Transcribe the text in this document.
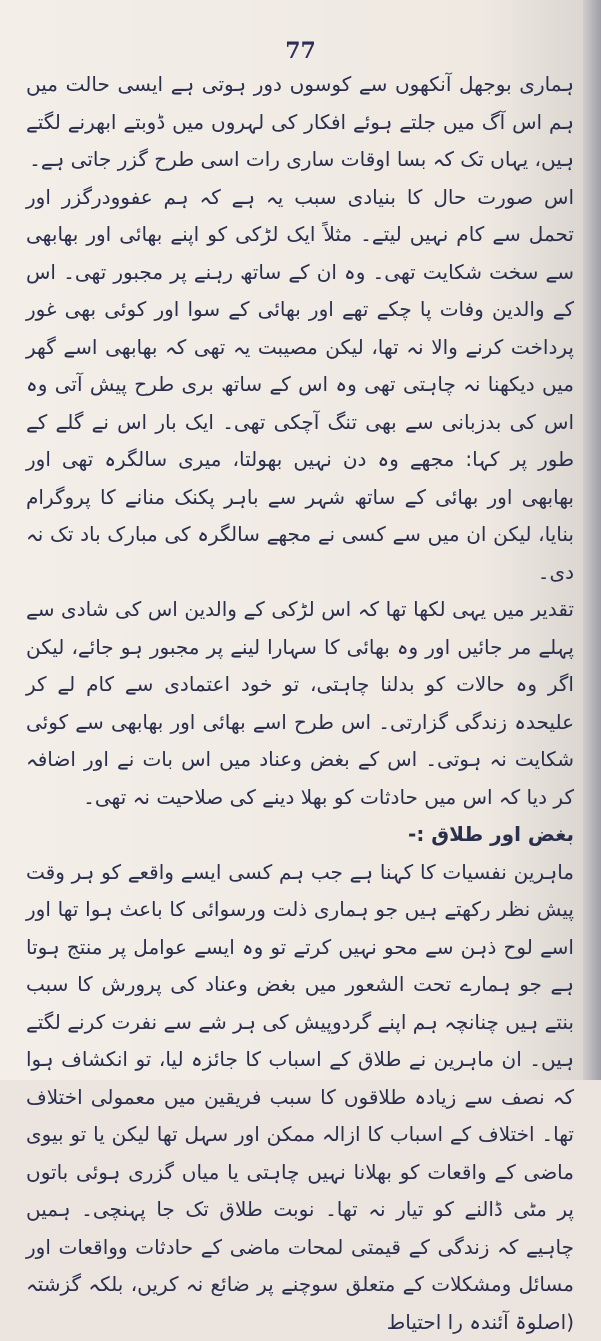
77

ہماری بوجھل آنکھوں سے کوسوں دور ہوتی ہے ایسی حالت میں ہم اس آگ میں جلتے ہوئے افکار کی لہروں میں ڈوبتے ابھرنے لگتے ہیں، یہاں تک کہ بسا اوقات ساری رات اسی طرح گزر جاتی ہے۔

اس صورت حال کا بنیادی سبب یہ ہے کہ ہم عفوودرگزر اور تحمل سے کام نہیں لیتے۔ مثلاً ایک لڑکی کو اپنے بھائی اور بھابھی سے سخت شکایت تھی۔ وہ ان کے ساتھ رہنے پر مجبور تھی۔ اس کے والدین وفات پا چکے تھے اور بھائی کے سوا اور کوئی بھی غور پرداخت کرنے والا نہ تھا، لیکن مصیبت یہ تھی کہ بھابھی اسے گھر میں دیکھنا نہ چاہتی تھی وہ اس کے ساتھ بری طرح پیش آتی وہ اس کی بدزبانی سے بھی تنگ آچکی تھی۔ ایک بار اس نے گلے کے طور پر کہا: مجھے وہ دن نہیں بھولتا، میری سالگرہ تھی اور بھابھی اور بھائی کے ساتھ شہر سے باہر پکنک منانے کا پروگرام بنایا، لیکن ان میں سے کسی نے مجھے سالگرہ کی مبارک باد تک نہ دی۔

تقدیر میں یہی لکھا تھا کہ اس لڑکی کے والدین اس کی شادی سے پہلے مر جائیں اور وہ بھائی کا سہارا لینے پر مجبور ہو جائے، لیکن اگر وہ حالات کو بدلنا چاہتی، تو خود اعتمادی سے کام لے کر علیحدہ زندگی گزارتی۔ اس طرح اسے بھائی اور بھابھی سے کوئی شکایت نہ ہوتی۔ اس کے بغض وعناد میں اس بات نے اور اضافہ کر دیا کہ اس میں حادثات کو بھلا دینے کی صلاحیت نہ تھی۔

بغض اور طلاق :-

ماہرین نفسیات کا کہنا ہے جب ہم کسی ایسے واقعے کو ہر وقت پیش نظر رکھتے ہیں جو ہماری ذلت ورسوائی کا باعث ہوا تھا اور اسے لوح ذہن سے محو نہیں کرتے تو وہ ایسے عوامل پر منتج ہوتا ہے جو ہمارے تحت الشعور میں بغض وعناد کی پرورش کا سبب بنتے ہیں چنانچہ ہم اپنے گردوپیش کی ہر شے سے نفرت کرنے لگتے ہیں۔ ان ماہرین نے طلاق کے اسباب کا جائزہ لیا، تو انکشاف ہوا کہ نصف سے زیادہ طلاقوں کا سبب فریقین میں معمولی اختلاف تھا۔ اختلاف کے اسباب کا ازالہ ممکن اور سہل تھا لیکن یا تو بیوی ماضی کے واقعات کو بھلانا نہیں چاہتی یا میاں گزری ہوئی باتوں پر مٹی ڈالنے کو تیار نہ تھا۔ نوبت طلاق تک جا پہنچی۔ ہمیں چاہیے کہ زندگی کے قیمتی لمحات ماضی کے حادثات وواقعات اور مسائل ومشکلات کے متعلق سوچنے پر ضائع نہ کریں، بلکہ گزشتہ (اصلوۃ آئندہ را احتیاط
